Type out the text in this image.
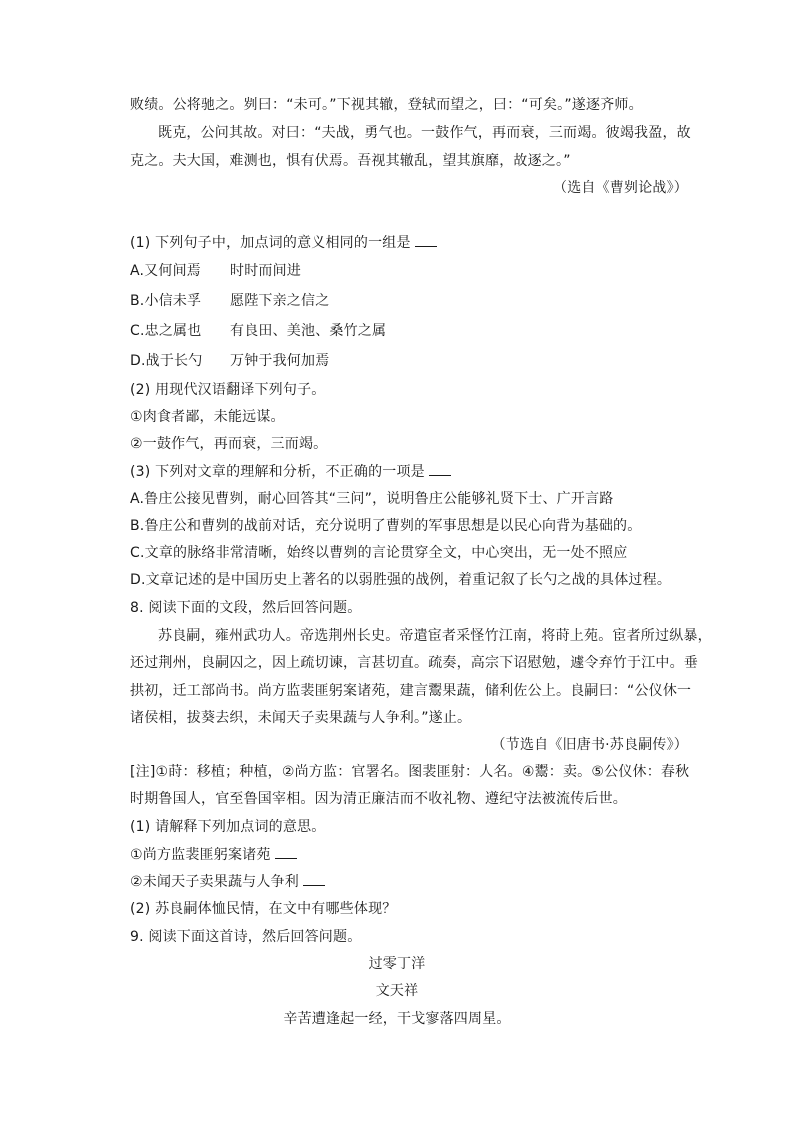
败绩。公将驰之。刿曰：“未可。”下视其辙，登轼而望之，曰：“可矣。”遂逐齐师。
既克，公问其故。对曰：“夫战，勇气也。一鼓作气，再而衰，三而竭。彼竭我盈，故
克之。夫大国，难测也，惧有伏焉。吾视其辙乱，望其旗靡，故逐之。”
（选自《曹刿论战》）
(1) 下列句子中，加点词的意义相同的一组是
A.又何间焉 时时而间进
B.小信未孚 愿陛下亲之信之
C.忠之属也 有良田、美池、桑竹之属
D.战于长勺 万钟于我何加焉
(2) 用现代汉语翻译下列句子。
①肉食者鄙，未能远谋。
②一鼓作气，再而衰，三而竭。
(3) 下列对文章的理解和分析，不正确的一项是
A.鲁庄公接见曹刿，耐心回答其“三问”，说明鲁庄公能够礼贤下士、广开言路
B.鲁庄公和曹刿的战前对话，充分说明了曹刿的军事思想是以民心向背为基础的。
C.文章的脉络非常清晰，始终以曹刿的言论贯穿全文，中心突出，无一处不照应
D.文章记述的是中国历史上著名的以弱胜强的战例，着重记叙了长勺之战的具体过程。
8. 阅读下面的文段，然后回答问题。
苏良嗣，雍州武功人。帝选荆州长史。帝遣宦者采怪竹江南，将莳上苑。宦者所过纵暴，
还过荆州，良嗣囚之，因上疏切谏，言甚切直。疏奏，高宗下诏慰勉，遽令弃竹于江中。垂
拱初，迁工部尚书。尚方监裴匪躬案诸苑，建言鬻果蔬，储利佐公上。良嗣曰：“公仪休一
诸侯相，拔葵去织，未闻天子卖果蔬与人争利。”遂止。
（节选自《旧唐书·苏良嗣传》）
[注]①莳：移植；种植，②尚方监：官署名。图裴匪射：人名。④鬻：卖。⑤公仪休：春秋
时期鲁国人，官至鲁国宰相。因为清正廉洁而不收礼物、遵纪守法被流传后世。
(1) 请解释下列加点词的意思。
①尚方监裴匪躬案诸苑
②未闻天子卖果蔬与人争利
(2) 苏良嗣体恤民情，在文中有哪些体现？
9. 阅读下面这首诗，然后回答问题。
过零丁洋
文天祥
辛苦遭逢起一经，干戈寥落四周星。
